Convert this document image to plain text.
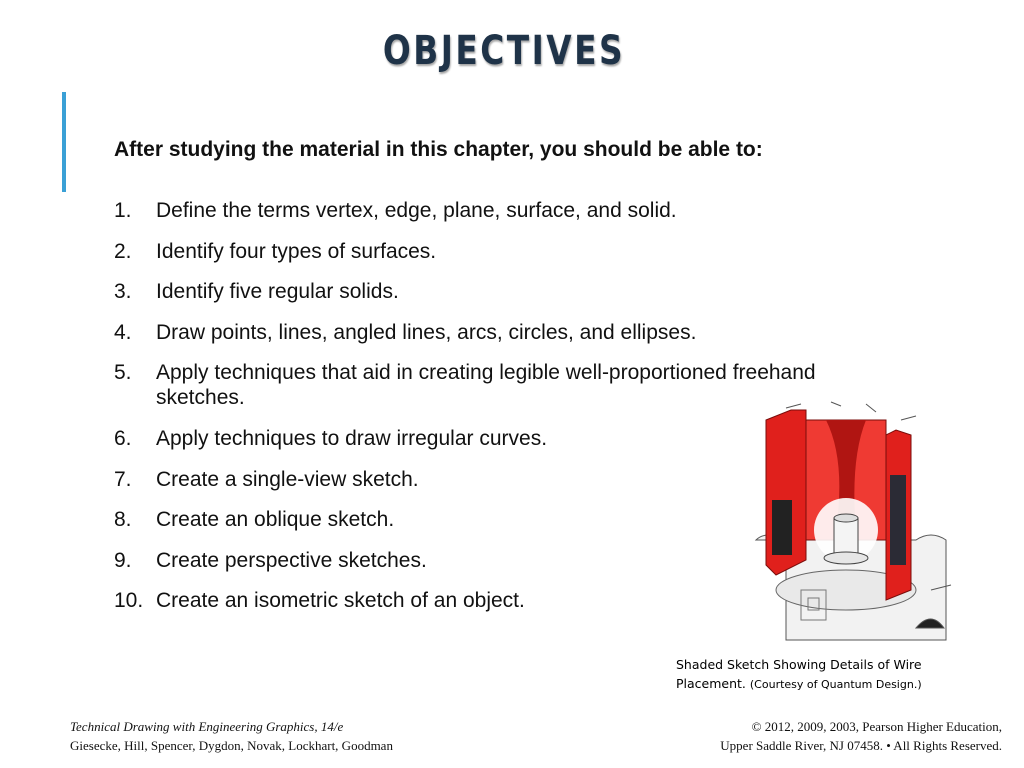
OBJECTIVES
After studying the material in this chapter, you should be able to:
1.	Define the terms vertex, edge, plane, surface, and solid.
2.	Identify four types of surfaces.
3.	Identify five regular solids.
4.	Draw points, lines, angled lines, arcs, circles, and ellipses.
5.	Apply techniques that aid in creating legible well-proportioned freehand sketches.
6.	Apply techniques to draw irregular curves.
7.	Create a single-view sketch.
8.	Create an oblique sketch.
9.	Create perspective sketches.
10. Create an isometric sketch of an object.
Shaded Sketch Showing Details of Wire
Placement. (Courtesy of Quantum Design.)
Technical Drawing with Engineering Graphics, 14/e
Giesecke, Hill, Spencer, Dygdon, Novak, Lockhart, Goodman
© 2012, 2009, 2003, Pearson Higher Education,
Upper Saddle River, NJ 07458. • All Rights Reserved.
